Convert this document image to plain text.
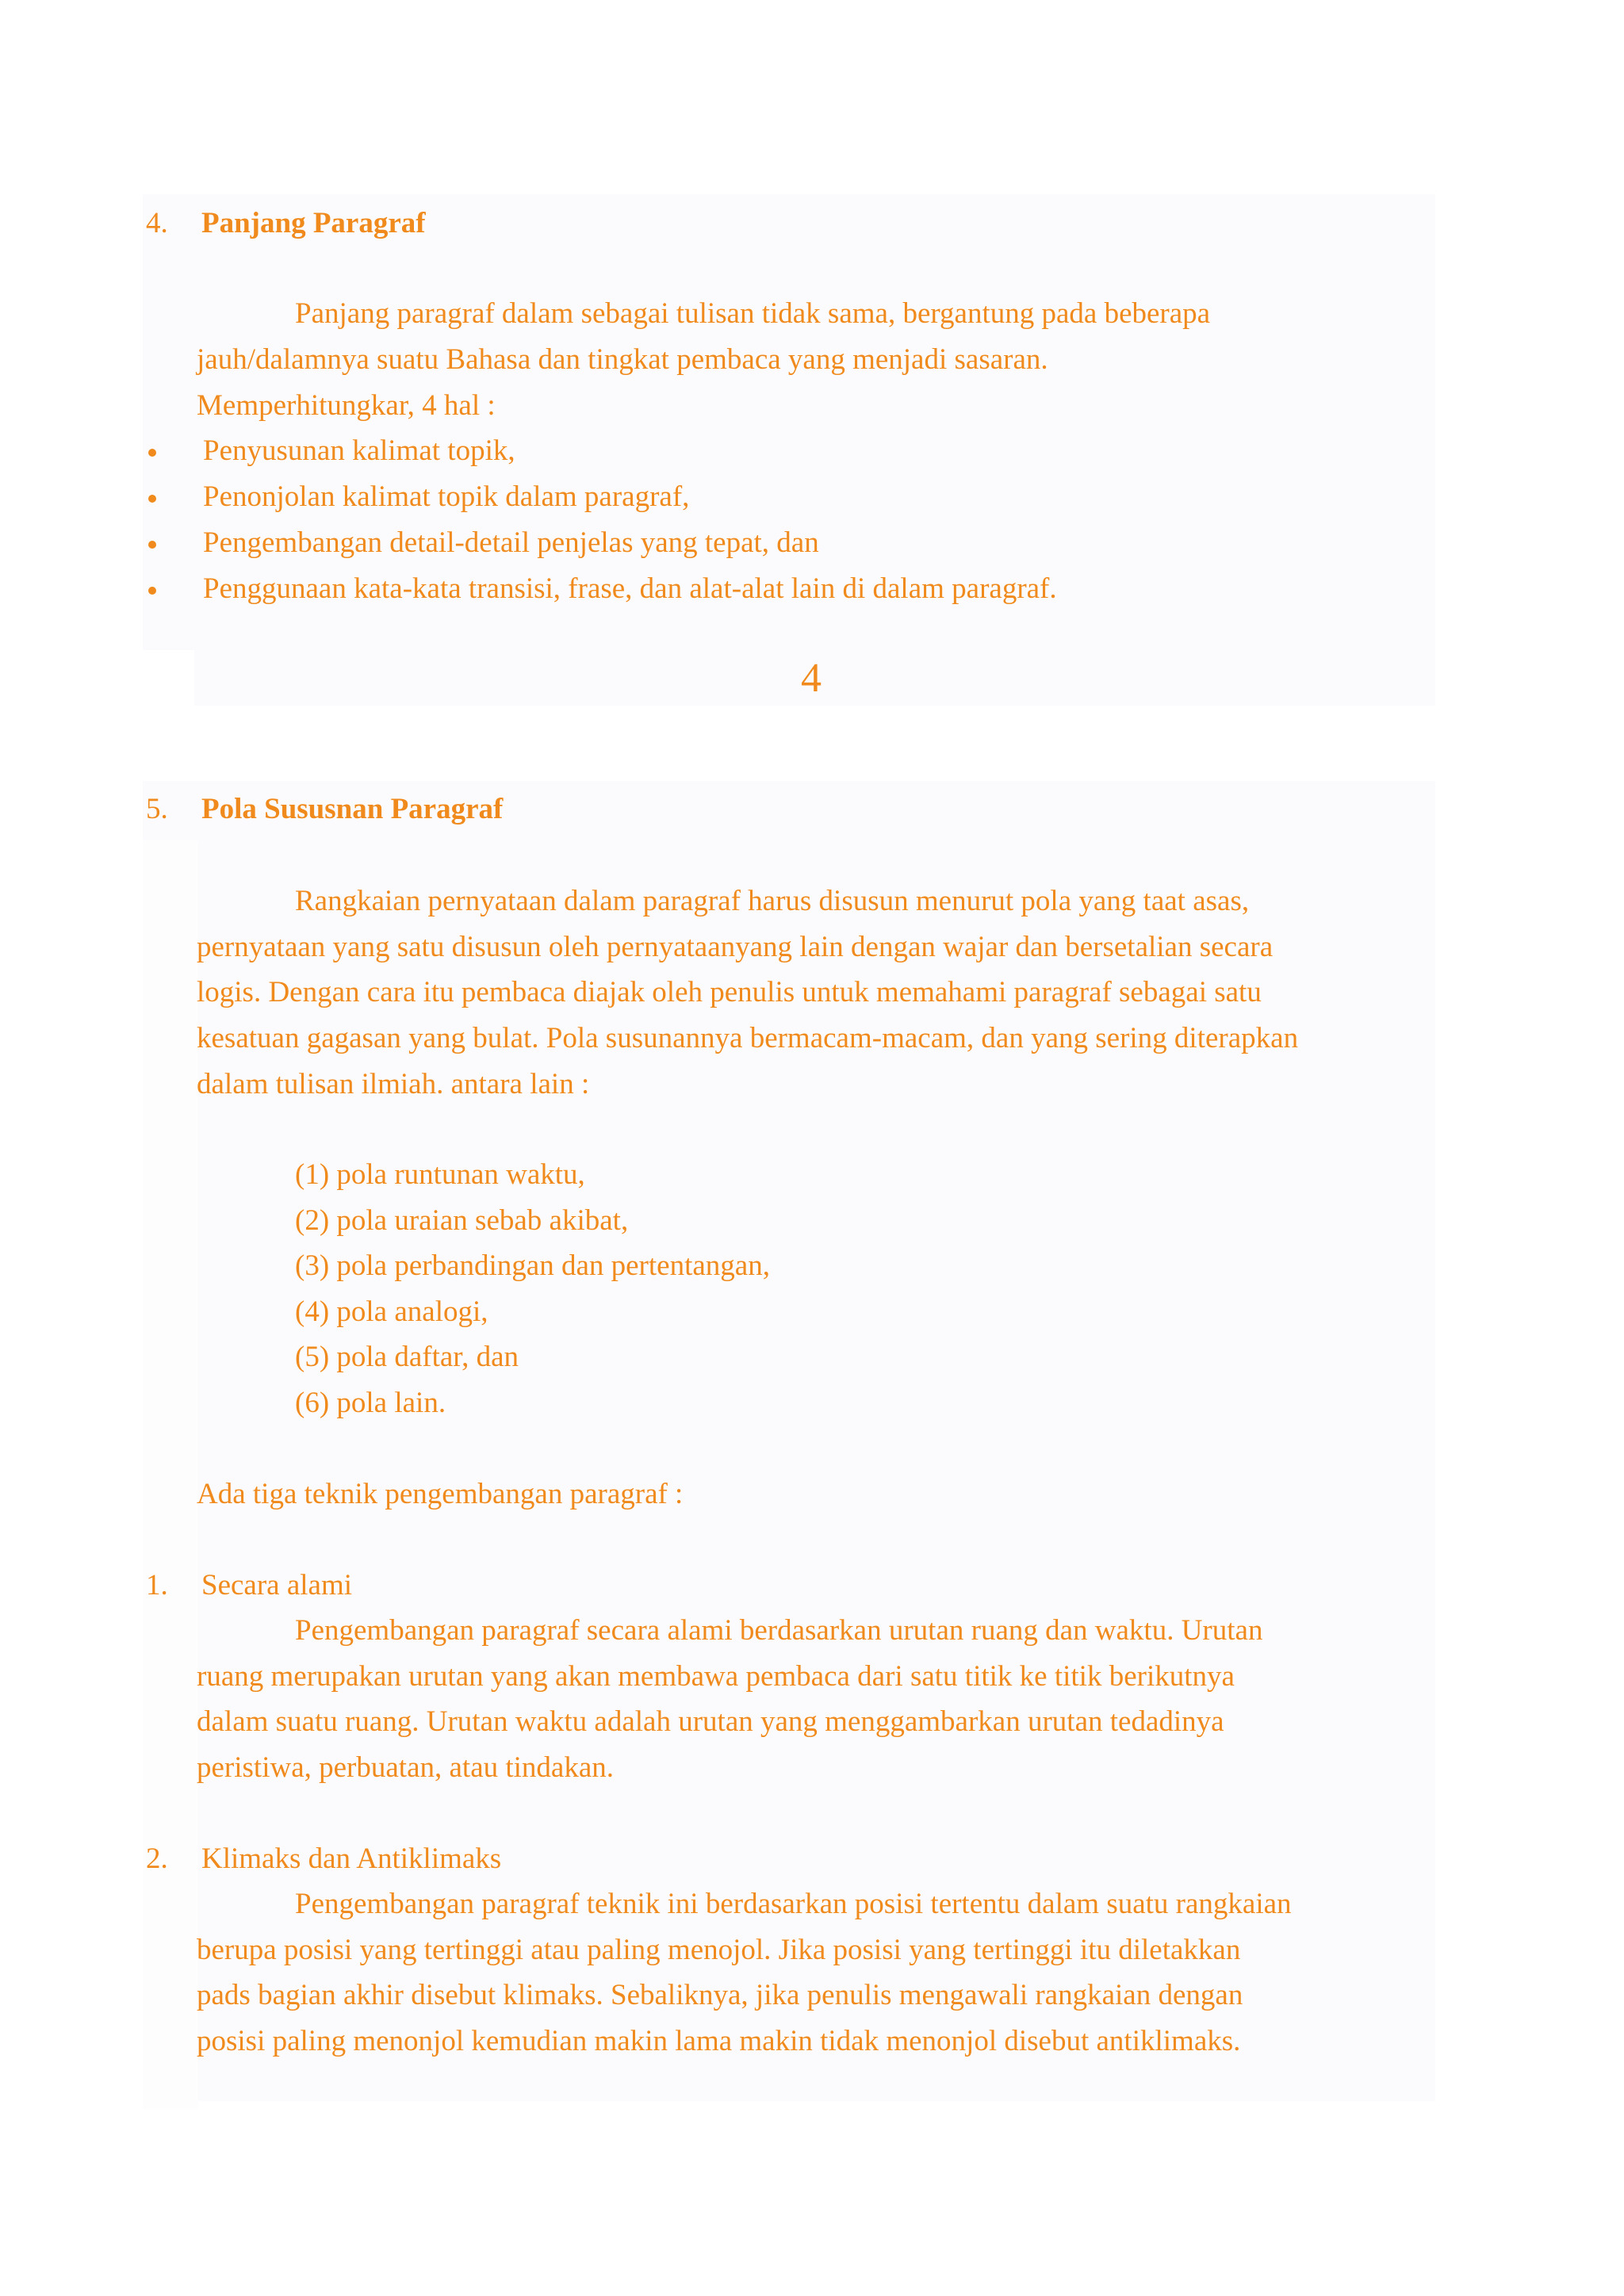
4. Panjang Paragraf
Panjang paragraf dalam sebagai tulisan tidak sama, bergantung pada beberapa
jauh/dalamnya suatu Bahasa dan tingkat pembaca yang menjadi sasaran.
Memperhitungkar, 4 hal :
Penyusunan kalimat topik,
Penonjolan kalimat topik dalam paragraf,
Pengembangan detail-detail penjelas yang tepat, dan
Penggunaan kata-kata transisi, frase, dan alat-alat lain di dalam paragraf.
4
5. Pola Sususnan Paragraf
Rangkaian pernyataan dalam paragraf harus disusun menurut pola yang taat asas,
pernyataan yang satu disusun oleh pernyataanyang lain dengan wajar dan bersetalian secara
logis. Dengan cara itu pembaca diajak oleh penulis untuk memahami paragraf sebagai satu
kesatuan gagasan yang bulat. Pola susunannya bermacam-macam, dan yang sering diterapkan
dalam tulisan ilmiah. antara lain :
(1) pola runtunan waktu,
(2) pola uraian sebab akibat,
(3) pola perbandingan dan pertentangan,
(4) pola analogi,
(5) pola daftar, dan
(6) pola lain.
Ada tiga teknik pengembangan paragraf :
1. Secara alami
Pengembangan paragraf secara alami berdasarkan urutan ruang dan waktu. Urutan
ruang merupakan urutan yang akan membawa pembaca dari satu titik ke titik berikutnya
dalam suatu ruang. Urutan waktu adalah urutan yang menggambarkan urutan tedadinya
peristiwa, perbuatan, atau tindakan.
2. Klimaks dan Antiklimaks
Pengembangan paragraf teknik ini berdasarkan posisi tertentu dalam suatu rangkaian
berupa posisi yang tertinggi atau paling menojol. Jika posisi yang tertinggi itu diletakkan
pads bagian akhir disebut klimaks. Sebaliknya, jika penulis mengawali rangkaian dengan
posisi paling menonjol kemudian makin lama makin tidak menonjol disebut antiklimaks.
